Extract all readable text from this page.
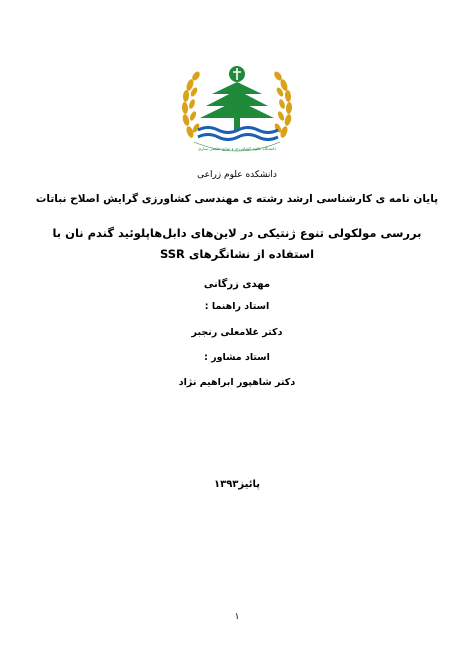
دانشگاه علوم کشاورزی و منابع طبیعی ساری
دانشکده علوم زراعی
پایان نامه ی کارشناسی ارشد رشته ی مهندسی کشاورزی گرایش اصلاح نباتات
بررسی مولکولی تنوع ژنتیکی در لاین‌های دابل‌هاپلوئید گندم نان با
استفاده از نشانگرهای SSR
مهدی زرگانی
استاد راهنما :
دکتر غلامعلی رنجبر
استاد مشاور :
دکتر شاهپور ابراهیم نژاد
پائیز۱۳۹۳
۱
